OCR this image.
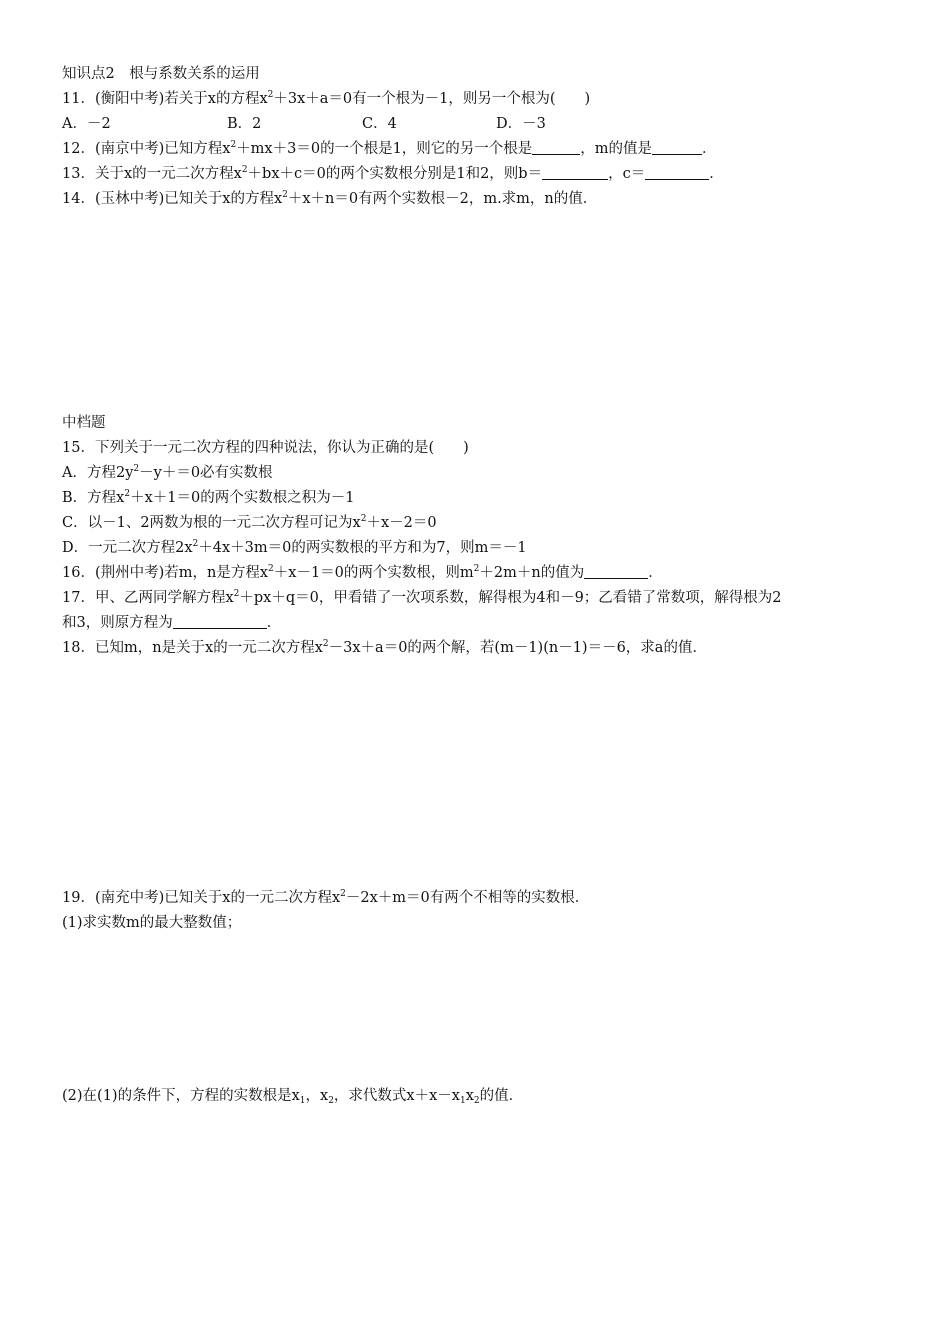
知识点2　根与系数关系的运用
11．(衡阳中考)若关于x的方程$x^2+3x+a=0$有一个根为－1，则另一个根为(　　)
A．－2	B．2	C．4	D．－3
12．(南京中考)已知方程$x^2+mx+3=0$的一个根是1，则它的另一个根是	，m的值是	．
13．关于x的一元二次方程$x^2+bx+c=0$的两个实数根分别是1和2，则b＝	，c＝	．
14．(玉林中考)已知关于x的方程$x^2+x+n=0$有两个实数根－2，m.求m，n的值．
中档题
15．下列关于一元二次方程的四种说法，你认为正确的是(　　)
A．方程$2y^2-y+=0$必有实数根
B．方程$x^2+x+1=0$的两个实数根之积为－1
C．以－1、2两数为根的一元二次方程可记为$x^2+x-2=0$
D．一元二次方程$2x^2+4x+3m=0$的两实数根的平方和为7，则m＝－1
16．(荆州中考)若m，n是方程$x^2+x-1=0$的两个实数根，则$m^2+2m+n$的值为	．
17．甲、乙两同学解方程$x^2+px+q=0$，甲看错了一次项系数，解得根为4和－9；乙看错了常数项，解得根为2
和3，则原方程为	．
18．已知m，n是关于x的一元二次方程$x^2-3x+a=0$的两个解，若(m－1)(n－1)＝－6，求a的值．
19．(南充中考)已知关于x的一元二次方程$x^2-2x+m=0$有两个不相等的实数根．
(1)求实数m的最大整数值；
(2)在(1)的条件下，方程的实数根是$x_1$，$x_2$，求代数式$x+x-x_1x_2$的值．
